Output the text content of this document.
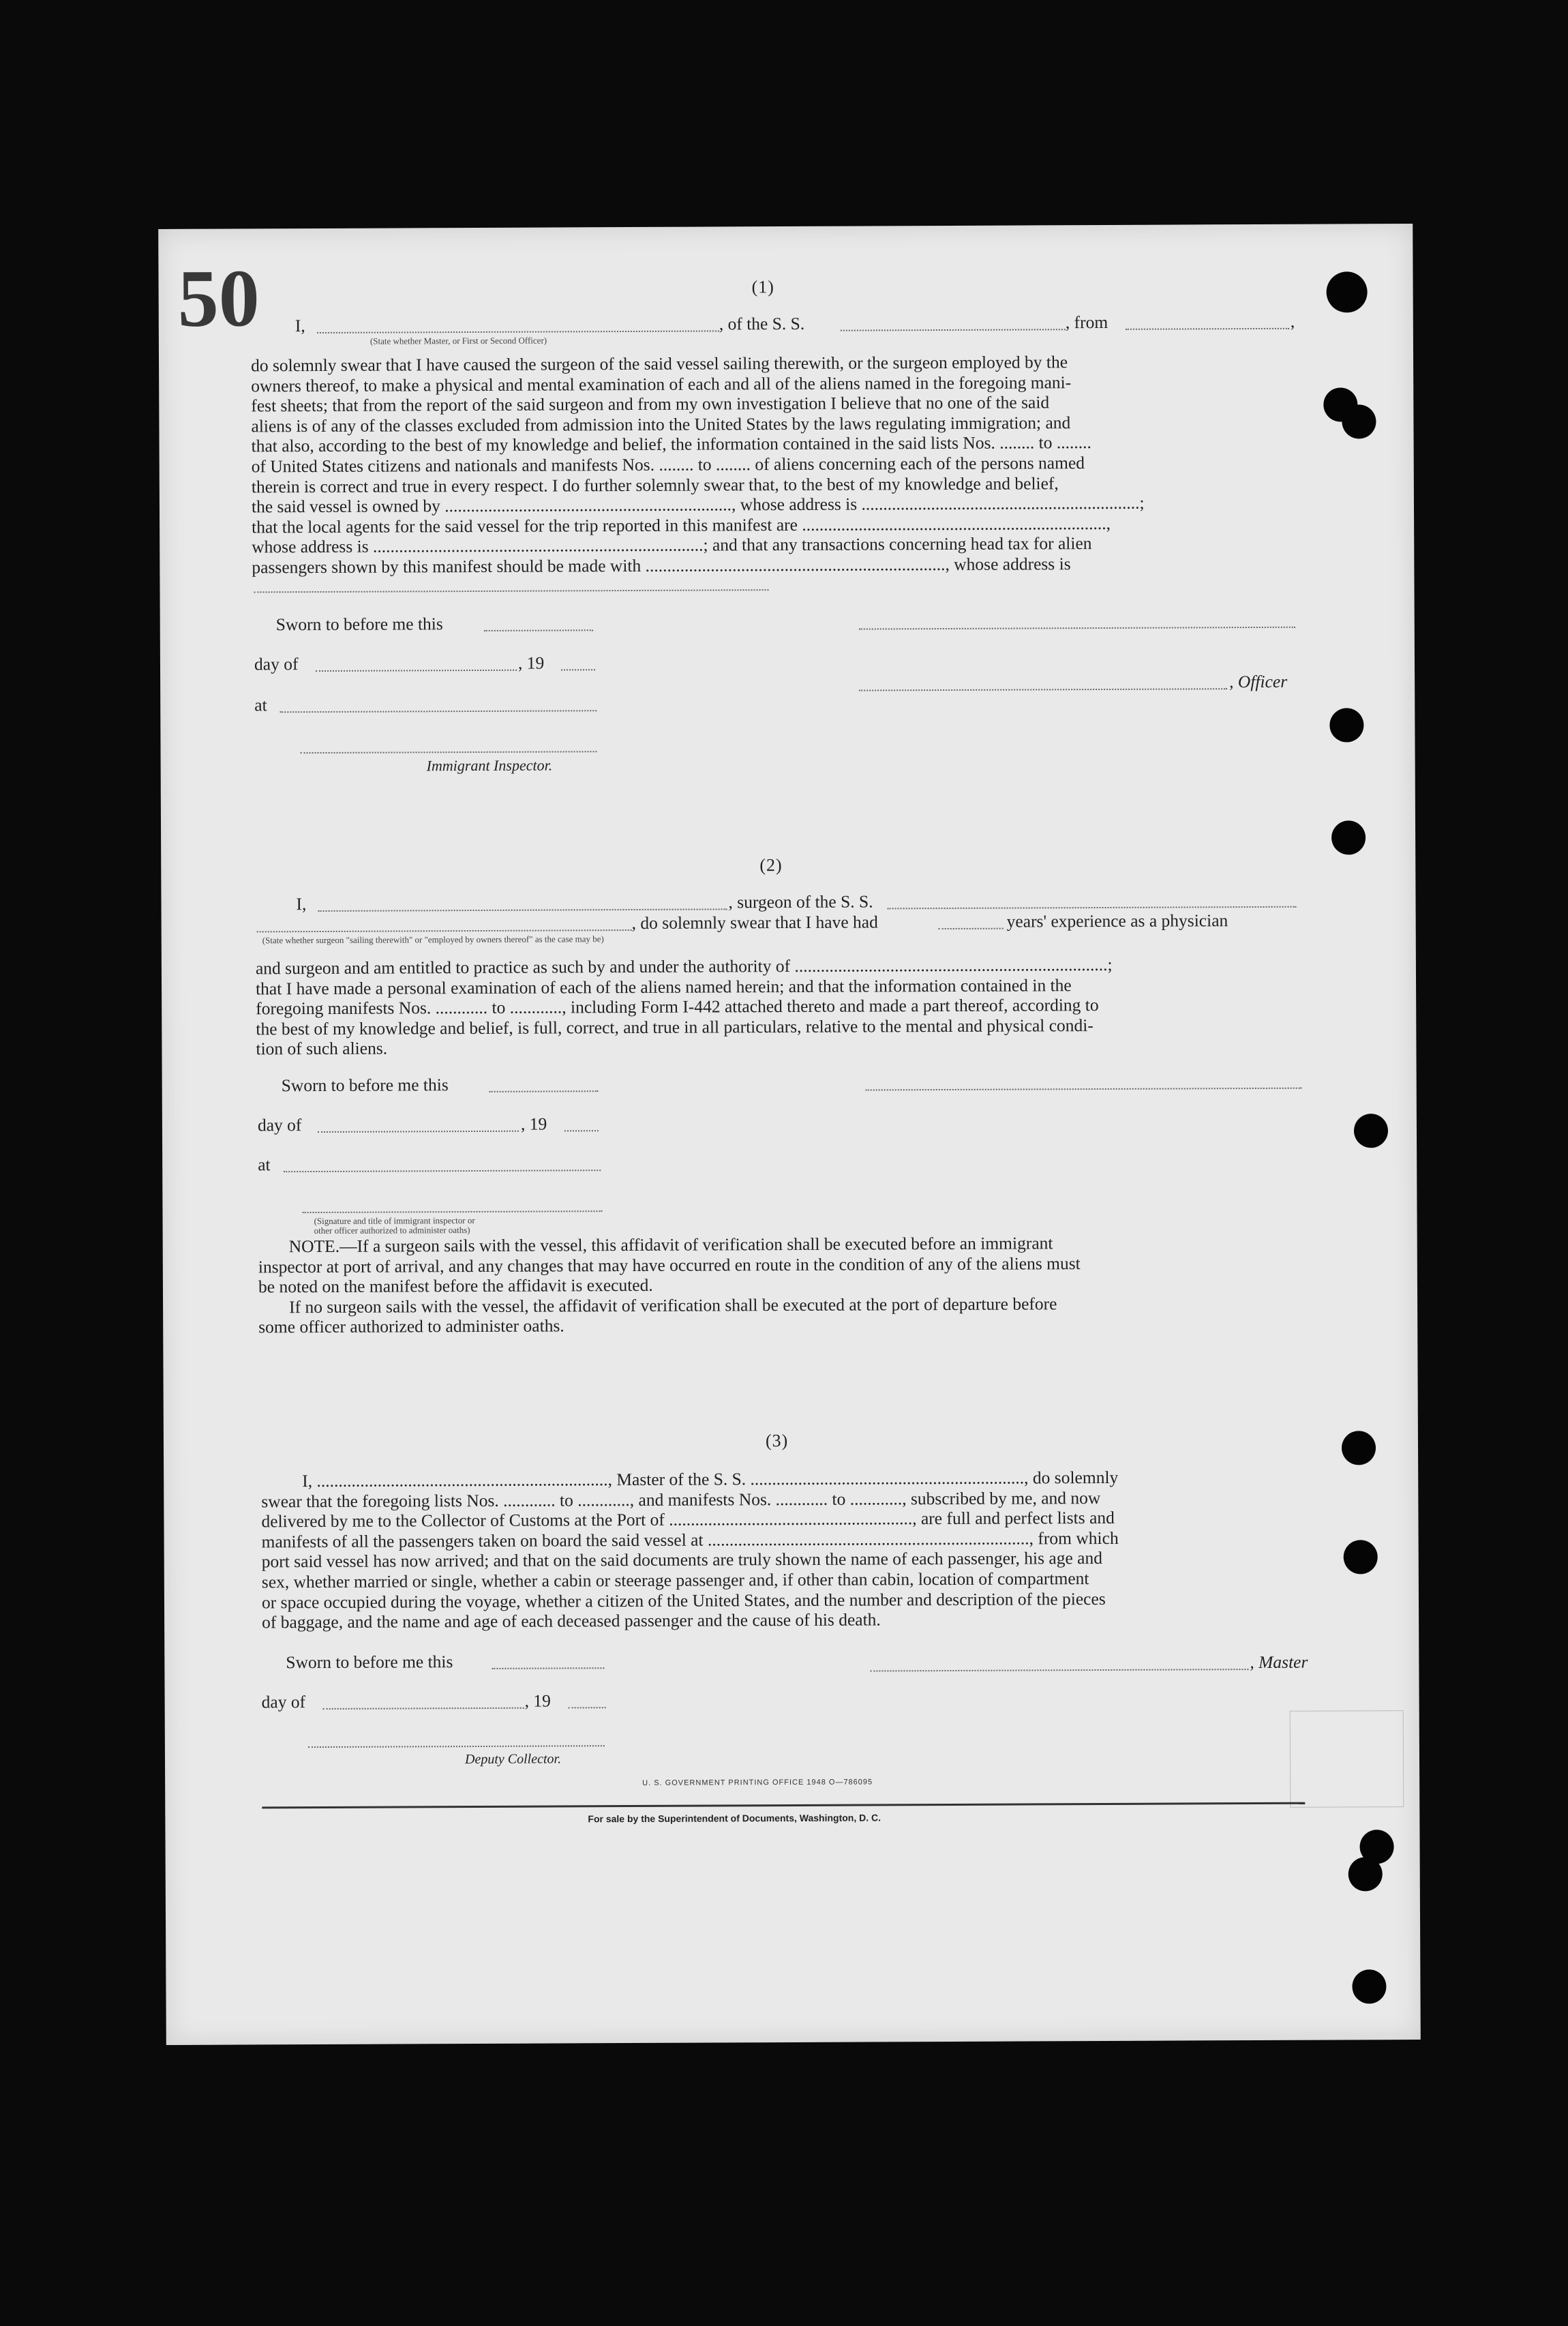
50	(1)
I,	, of the S. S.	, from	,
(State whether Master, or First or Second Officer)
do solemnly swear that I have caused the surgeon of the said vessel sailing therewith, or the surgeon employed by the
owners thereof, to make a physical and mental examination of each and all of the aliens named in the foregoing mani-
fest sheets; that from the report of the said surgeon and from my own investigation I believe that no one of the said
aliens is of any of the classes excluded from admission into the United States by the laws regulating immigration; and
that also, according to the best of my knowledge and belief, the information contained in the said lists Nos. ........ to ........
of United States citizens and nationals and manifests Nos. ........ to ........ of aliens concerning each of the persons named
therein is correct and true in every respect. I do further solemnly swear that, to the best of my knowledge and belief,
the said vessel is owned by .................................................................., whose address is ................................................................;
that the local agents for the said vessel for the trip reported in this manifest are ......................................................................,
whose address is ............................................................................; and that any transactions concerning head tax for alien
passengers shown by this manifest should be made with ....................................................................., whose address is
Sworn to before me this
day of	, 19
at
, Officer
Immigrant Inspector.
(2)
I,	, surgeon of the S. S.
, do solemnly swear that I have had	years' experience as a physician
(State whether surgeon "sailing therewith" or "employed by owners thereof" as the case may be)
and surgeon and am entitled to practice as such by and under the authority of ........................................................................;
that I have made a personal examination of each of the aliens named herein; and that the information contained in the
foregoing manifests Nos. ............ to ............, including Form I-442 attached thereto and made a part thereof, according to
the best of my knowledge and belief, is full, correct, and true in all particulars, relative to the mental and physical condi-
tion of such aliens.
Sworn to before me this
day of	, 19
at
(Signature and title of immigrant inspector or
other officer authorized to administer oaths)
NOTE.—If a surgeon sails with the vessel, this affidavit of verification shall be executed before an immigrant
inspector at port of arrival, and any changes that may have occurred en route in the condition of any of the aliens must
be noted on the manifest before the affidavit is executed.
If no surgeon sails with the vessel, the affidavit of verification shall be executed at the port of departure before
some officer authorized to administer oaths.
(3)
I, ..................................................................., Master of the S. S. ..............................................................., do solemnly
swear that the foregoing lists Nos. ............ to ............, and manifests Nos. ............ to ............, subscribed by me, and now
delivered by me to the Collector of Customs at the Port of ........................................................, are full and perfect lists and
manifests of all the passengers taken on board the said vessel at .........................................................................., from which
port said vessel has now arrived; and that on the said documents are truly shown the name of each passenger, his age and
sex, whether married or single, whether a cabin or steerage passenger and, if other than cabin, location of compartment
or space occupied during the voyage, whether a citizen of the United States, and the number and description of the pieces
of baggage, and the name and age of each deceased passenger and the cause of his death.
Sworn to before me this	, Master
day of	, 19
Deputy Collector.
U. S. GOVERNMENT PRINTING OFFICE 1948 O—786095
For sale by the Superintendent of Documents, Washington, D. C.
